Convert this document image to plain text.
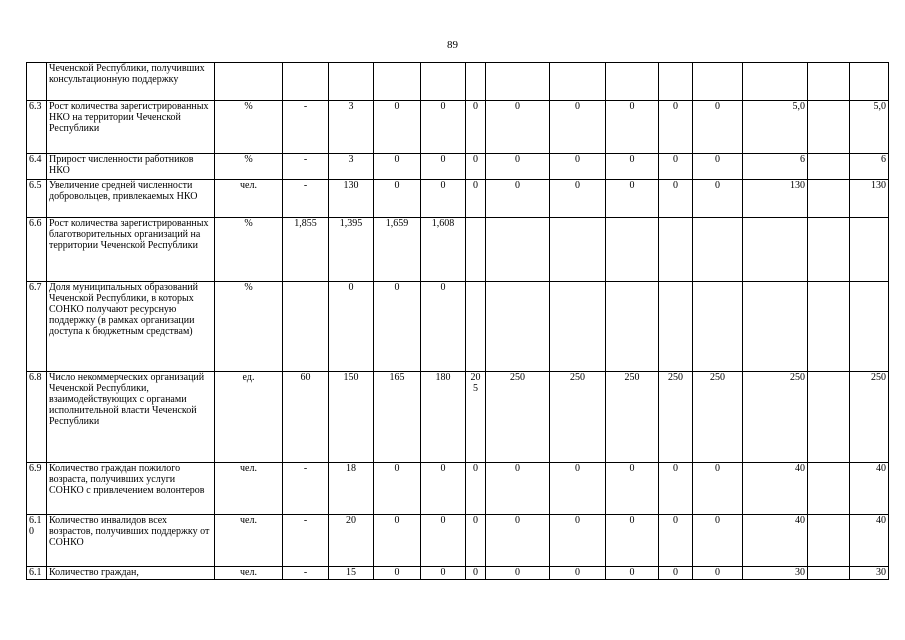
89
	Чеченской Республики, получивших консультационную поддержку														
6.3	Рост количества зарегистрированных НКО на территории Чеченской Республики	%	-	3	0	0	0	0	0	0	0	0	5,0		5,0
6.4	Прирост численности работников НКО	%	-	3	0	0	0	0	0	0	0	0	6		6
6.5	Увеличение средней численности добровольцев, привлекаемых НКО	чел.	-	130	0	0	0	0	0	0	0	0	130		130
6.6	Рост количества зарегистрированных благотворительных организаций на территории Чеченской Республики	%	1,855	1,395	1,659	1,608									
6.7	Доля муниципальных образований Чеченской Республики, в которых СОНКО получают ресурсную поддержку (в рамках организации доступа к бюджетным средствам)	%		0	0	0									
6.8	Число некоммерческих организаций Чеченской Республики, взаимодействующих с органами исполнительной власти Чеченской Республики	ед.	60	150	165	180	20 5	250	250	250	250	250	250		250
6.9	Количество граждан пожилого возраста, получивших услуги СОНКО с привлечением волонтеров	чел.	-	18	0	0	0	0	0	0	0	0	40		40
6.1 0	Количество инвалидов всех возрастов, получивших поддержку от СОНКО	чел.	-	20	0	0	0	0	0	0	0	0	40		40
6.1	Количество граждан,	чел.	-	15	0	0	0	0	0	0	0	0	30		30
